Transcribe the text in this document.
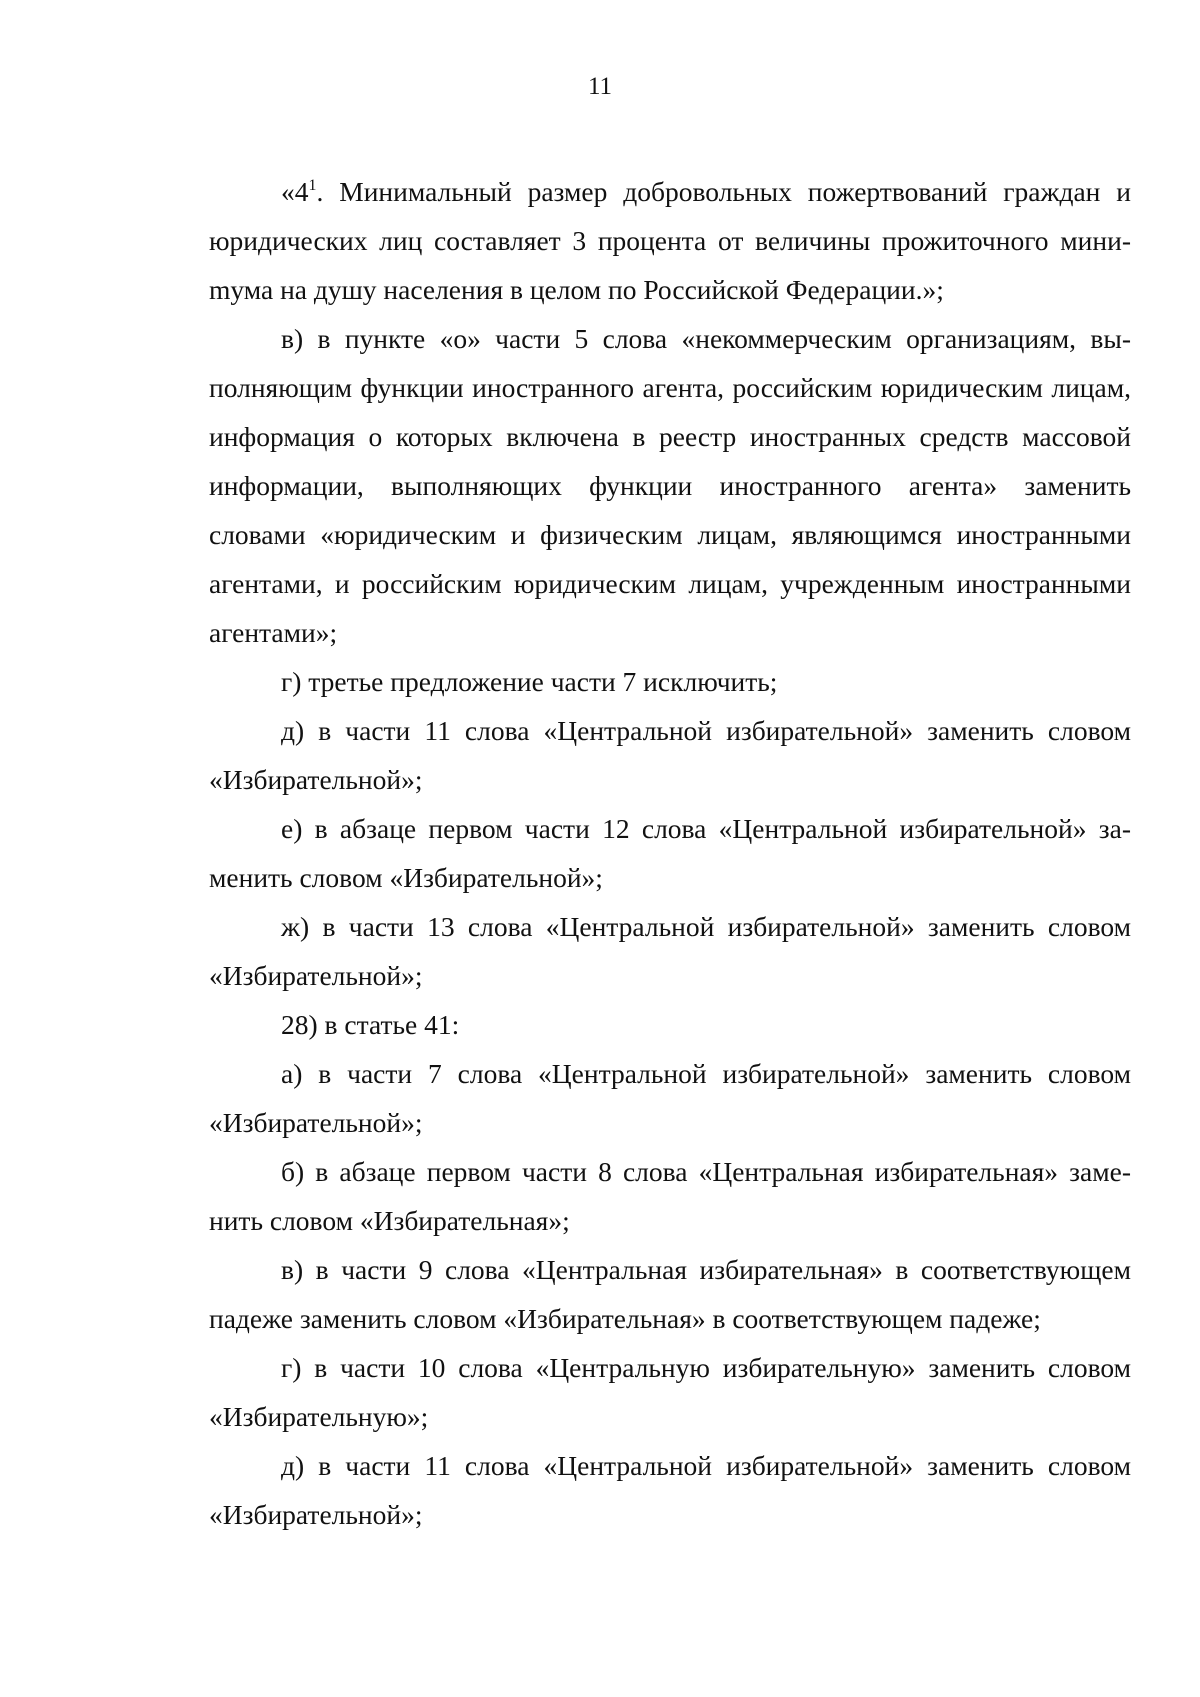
11

«$4^1$. Минимальный размер добровольных пожертвований граждан и юридических лиц составляет 3 процента от величины прожиточного миниmума на душу населения в целом по Российской Федерации.»;

в) в пункте «о» части 5 слова «некоммерческим организациям, выполняющим функции иностранного агента, российским юридическим лицам, информация о которых включена в реестр иностранных средств массовой информации, выполняющих функции иностранного агента» заменить словами «юридическим и физическим лицам, являющимся иностранными агентами, и российским юридическим лицам, учрежденным иностранными агентами»;

г) третье предложение части 7 исключить;

д) в части 11 слова «Центральной избирательной» заменить словом «Избирательной»;

е) в абзаце первом части 12 слова «Центральной избирательной» заменить словом «Избирательной»;

ж) в части 13 слова «Центральной избирательной» заменить словом «Избирательной»;

28) в статье 41:

а) в части 7 слова «Центральной избирательной» заменить словом «Избирательной»;

б) в абзаце первом части 8 слова «Центральная избирательная» заменить словом «Избирательная»;

в) в части 9 слова «Центральная избирательная» в соответствующем падеже заменить словом «Избирательная» в соответствующем падеже;

г) в части 10 слова «Центральную избирательную» заменить словом «Избирательную»;

д) в части 11 слова «Центральной избирательной» заменить словом «Избирательной»;
